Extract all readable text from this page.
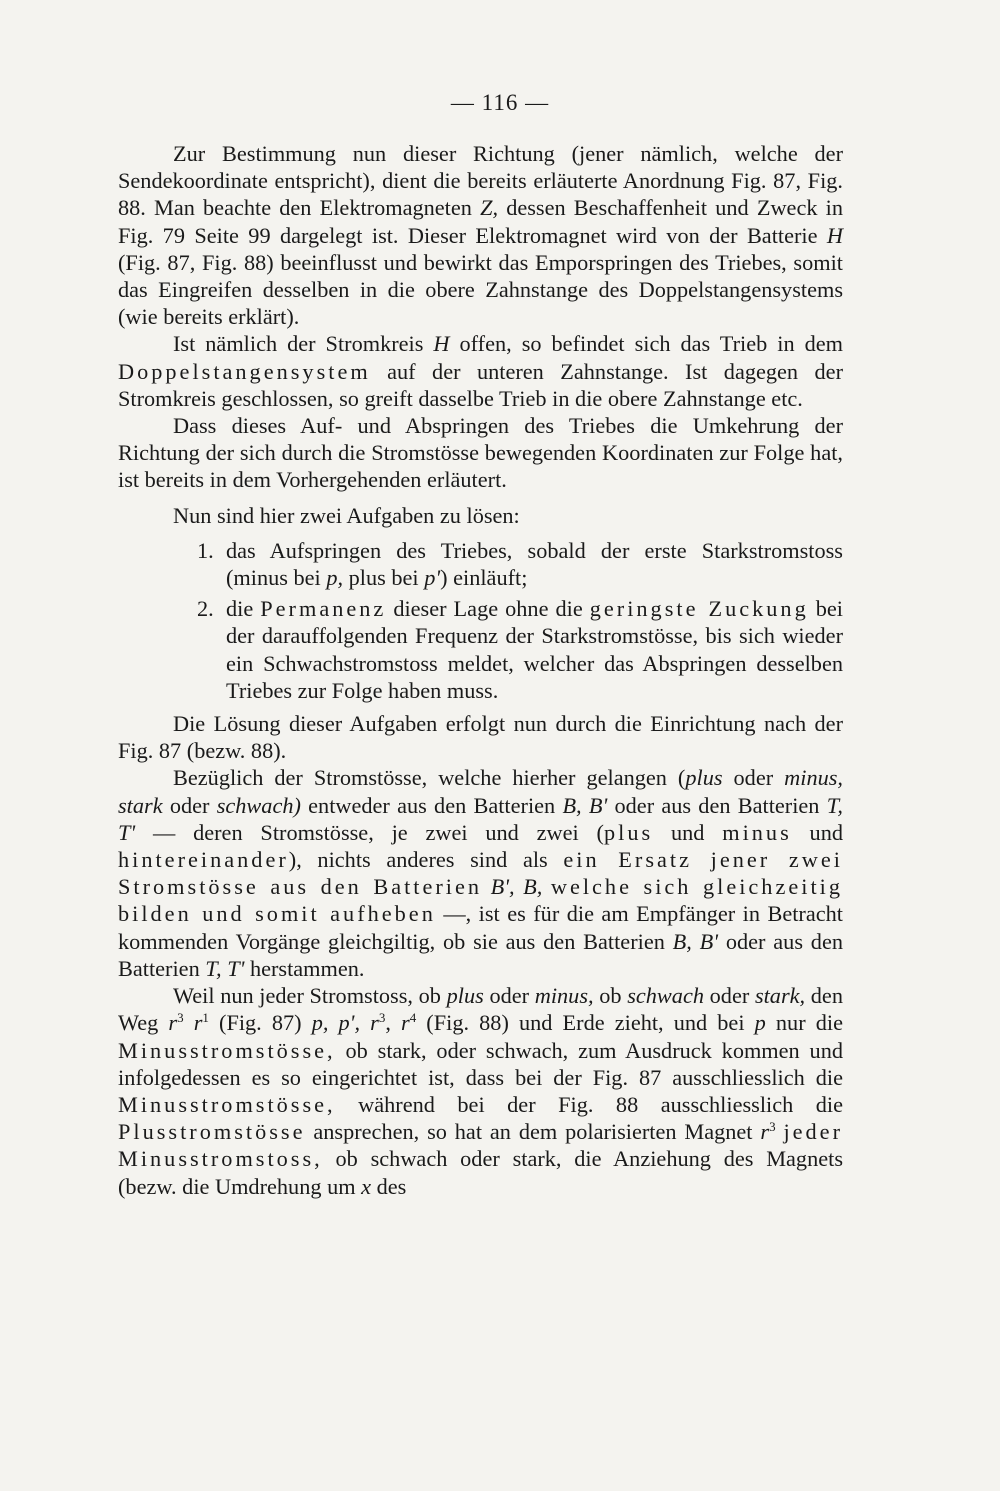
— 116 —

Zur Bestimmung nun dieser Richtung (jener nämlich, welche der Sendekoordinate entspricht), dient die bereits erläuterte Anordnung Fig. 87, Fig. 88. Man beachte den Elektromagneten Z, dessen Beschaffenheit und Zweck in Fig. 79 Seite 99 dargelegt ist. Dieser Elektromagnet wird von der Batterie H (Fig. 87, Fig. 88) beeinflusst und bewirkt das Emporspringen des Triebes, somit das Eingreifen desselben in die obere Zahnstange des Doppelstangensystems (wie bereits erklärt).

Ist nämlich der Stromkreis H offen, so befindet sich das Trieb in dem Doppelstangensystem auf der unteren Zahnstange. Ist dagegen der Stromkreis geschlossen, so greift dasselbe Trieb in die obere Zahnstange etc.

Dass dieses Auf- und Abspringen des Triebes die Umkehrung der Richtung der sich durch die Stromstösse bewegenden Koordinaten zur Folge hat, ist bereits in dem Vorhergehenden erläutert.

Nun sind hier zwei Aufgaben zu lösen:

1. das Aufspringen des Triebes, sobald der erste Starkstromstoss (minus bei p, plus bei p') einläuft;
2. die Permanenz dieser Lage ohne die geringste Zuckung bei der darauffolgenden Frequenz der Starkstromstösse, bis sich wieder ein Schwachstromstoss meldet, welcher das Abspringen desselben Triebes zur Folge haben muss.

Die Lösung dieser Aufgaben erfolgt nun durch die Einrichtung nach der Fig. 87 (bezw. 88).

Bezüglich der Stromstösse, welche hierher gelangen (plus oder minus, stark oder schwach) entweder aus den Batterien B, B' oder aus den Batterien T, T' — deren Stromstösse, je zwei und zwei (plus und minus und hintereinander), nichts anderes sind als ein Ersatz jener zwei Stromstösse aus den Batterien B', B, welche sich gleichzeitig bilden und somit aufheben —, ist es für die am Empfänger in Betracht kommenden Vorgänge gleichgiltig, ob sie aus den Batterien B, B' oder aus den Batterien T, T' herstammen.

Weil nun jeder Stromstoss, ob plus oder minus, ob schwach oder stark, den Weg $r^3$ $r^1$ (Fig. 87) p, p', $r^3$, $r^4$ (Fig. 88) und Erde zieht, und bei p nur die Minusstromstösse, ob stark, oder schwach, zum Ausdruck kommen und infolgedessen es so eingerichtet ist, dass bei der Fig. 87 ausschliesslich die Minusstromstösse, während bei der Fig. 88 ausschliesslich die Plusstromstösse ansprechen, so hat an dem polarisierten Magnet $r^3$ jeder Minusstromstoss, ob schwach oder stark, die Anziehung des Magnets (bezw. die Umdrehung um x des
